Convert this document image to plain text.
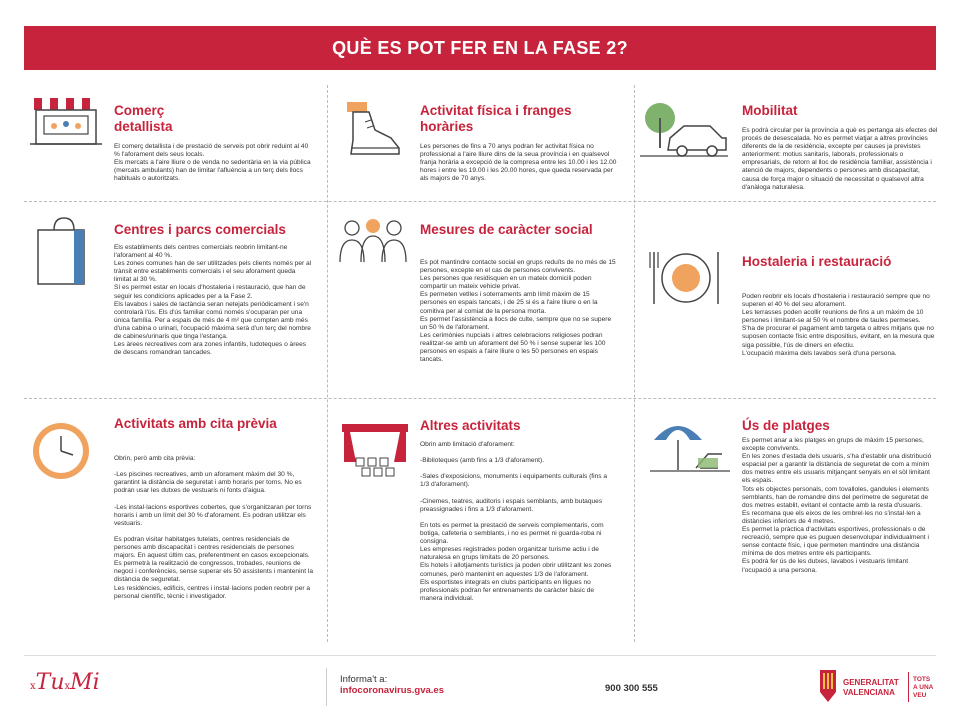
QUÈ ES POT FER EN LA FASE 2?
Comerç detallista

El comerç detallista i de prestació de serveis pot obrir reduint al 40 % l'aforament dels seus locals.

Els mercats a l'aire lliure o de venda no sedentària en la via pública (mercats ambulants) han de limitar l'afluència a un terç dels llocs habituals o autoritzats.

Activitat física i franges horàries

Les persones de fins a 70 anys podran fer activitat física no professional a l'aire lliure dins de la seua província i en qualsevol franja horària a excepció de la compresa entre les 10.00 i les 12.00 hores i entre les 19.00 i les 20.00 hores, que queda reservada per als majors de 70 anys.

Mobilitat

Es podrà circular per la província a què es pertanga als efectes del procés de desescalada. No es permet viatjar a altres províncies diferents de la de residència, excepte per causes ja previstes anteriorment: motius sanitaris, laborals, professionals o empresarials, de retorn al lloc de residència familiar, assistència i atenció de majors, dependents o persones amb discapacitat, causa de força major o situació de necessitat o qualsevol altra d'anàloga naturalesa.

Centres i parcs comercials

Els establiments dels centres comercials reobrin limitant-ne l'aforament al 40 %.

Les zones comunes han de ser utilitzades pels clients només per al trànsit entre establiments comercials i el seu aforament queda limitat al 30 %.

Sí es permet estar en locals d'hostaleria i restauració, que han de seguir les condicions aplicades per a la Fase 2.

Els lavabos i sales de lactància seran netejats periòdicament i se'n controlarà l'ús. Els d'ús familiar comú només s'ocuparan per una única família. Per a espais de més de 4 m² que compten amb més d'una cabina o urinari, l'ocupació màxima serà d'un terç del nombre de cabines/urinaris que tinga l'estança.

Les àrees recreatives com ara zones infantils, ludoteques o àrees de descans romandran tancades.

Mesures de caràcter social

Es pot mantindre contacte social en grups reduïts de no més de 15 persones, excepte en el cas de persones convivents.

Les persones que residisquen en un mateix domicili poden compartir un mateix vehicle privat.

Es permeten vetlles i soterraments amb límit màxim de 15 persones en espais tancats, i de 25 si és a l'aire lliure o en la comitiva per al comiat de la persona morta.

Es permet l'assistència a llocs de culte, sempre que no se supere un 50 % de l'aforament.

Les cerimònies nupcials i altres celebracions religioses podran realitzar-se amb un aforament del 50 % i sense superar les 100 persones en espais a l'aire lliure o les 50 persones en espais tancats.

Hostaleria i restauració

Poden reobrir els locals d'hostaleria i restauració sempre que no superen el 40 % del seu aforament.

Les terrasses poden acollir reunions de fins a un màxim de 10 persones i limitant-se al 50 % el nombre de taules permeses.

S'ha de procurar el pagament amb targeta o altres mitjans que no suposen contacte físic entre dispositius, evitant, en la mesura que siga possible, l'ús de diners en efectiu.

L'ocupació màxima dels lavabos serà d'una persona.

Activitats amb cita prèvia

Obrin, però amb cita prèvia:

-Les piscines recreatives, amb un aforament màxim del 30 %, garantint la distància de seguretat i amb horaris per torns. No es podran usar les dutxes de vestuaris ni fonts d'aigua.

-Les instal·lacions esportives cobertes, que s'organitzaran per torns horaris i amb un límit del 30 % d'aforament. Es podran utilitzar els vestuaris.

Es podran visitar habitatges tutelats, centres residencials de persones amb discapacitat i centres residencials de persones majors. En aquest últim cas, preferentment en casos excepcionals.

Es permetrà la realització de congressos, trobades, reunions de negoci i conferències, sense superar els 50 assistents i mantenint la distància de seguretat.

Les residències, edificis, centres i instal·lacions poden reobrir per a personal científic, tècnic i investigador.

Altres activitats

Obrin amb limitació d'aforament:

-Biblioteques (amb fins a 1/3 d'aforament).

-Sales d'exposicions, monuments i equipaments culturals (fins a 1/3 d'aforament).

-Cinemes, teatres, auditoris i espais semblants, amb butaques preassignades i fins a 1/3 d'aforament.

En tots es permet la prestació de serveis complementaris, com botiga, cafeteria o semblants, i no es permet ni guarda-roba ni consigna.

Les empreses registrades poden organitzar turisme actiu i de naturalesa en grups limitats de 20 persones.

Els hotels i allotjaments turístics ja poden obrir utilitzant les zones comunes, però mantenint en aquestes 1/3 de l'aforament.

Els esportistes integrats en clubs participants en lligues no professionals podran fer entrenaments de caràcter bàsic de manera individual.

Ús de platges

Es permet anar a les platges en grups de màxim 15 persones, excepte convivents.

En les zones d'estada dels usuaris, s'ha d'establir una distribució espacial per a garantir la distància de seguretat de com a mínim dos metres entre els usuaris mitjançant senyals en el sòl limitant els espais.

Tots els objectes personals, com tovalloles, gandules i elements semblants, han de romandre dins del perímetre de seguretat de dos metres establit, evitant el contacte amb la resta d'usuaris.

Es recomana que els eixos de les ombrel·les no s'instal·len a distàncies inferiors de 4 metres.

Es permet la pràctica d'activitats esportives, professionals o de recreació, sempre que es puguen desenvolupar individualment i sense contacte físic, i que permeten mantindre una distància mínima de dos metres entre els participants.

Es podrà fer ús de les dutxes, lavabos i vestuaris limitant l'ocupació a una persona.

xTuxMi	Informa't a:
infocoronavirus.gva.es	900 300 555
GENERALITAT
VALENCIANA
TOTS
A UNA
VEU
